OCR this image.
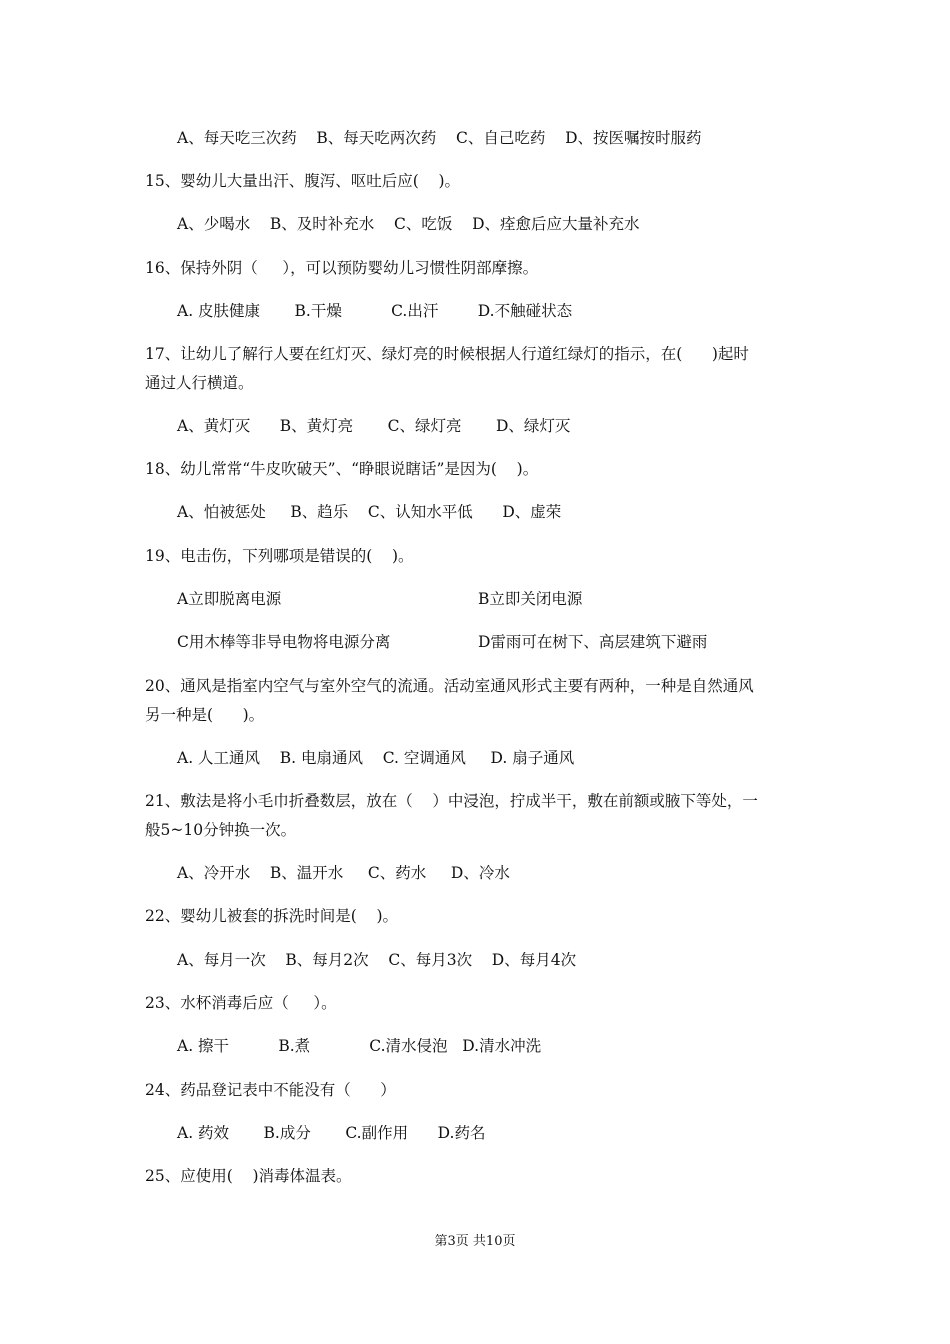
A、每天吃三次药    B、每天吃两次药    C、自己吃药    D、按医嘱按时服药
15、婴幼儿大量出汗、腹泻、呕吐后应(    )。
A、少喝水    B、及时补充水    C、吃饭    D、痊愈后应大量补充水
16、保持外阴（     ），可以预防婴幼儿习惯性阴部摩擦。
A. 皮肤健康       B.干燥          C.出汗        D.不触碰状态
17、让幼儿了解行人要在红灯灭、绿灯亮的时候根据人行道红绿灯的指示，在(      )起时
通过人行横道。
A、黄灯灭      B、黄灯亮       C、绿灯亮       D、绿灯灭
18、幼儿常常“牛皮吹破天”、“睁眼说瞎话”是因为(    )。
A、怕被惩处     B、趋乐    C、认知水平低      D、虚荣
19、电击伤，下列哪项是错误的(    )。
A立即脱离电源	B立即关闭电源
C用木棒等非导电物将电源分离	D雷雨可在树下、高层建筑下避雨
20、通风是指室内空气与室外空气的流通。活动室通风形式主要有两种，一种是自然通风
另一种是(      )。
A. 人工通风    B. 电扇通风    C. 空调通风     D. 扇子通风
21、敷法是将小毛巾折叠数层，放在（    ）中浸泡，拧成半干，敷在前额或腋下等处，一
般5~10分钟换一次。
A、冷开水    B、温开水     C、药水     D、冷水
22、婴幼儿被套的拆洗时间是(    )。
A、每月一次    B、每月2次    C、每月3次    D、每月4次
23、水杯消毒后应（     ）。
A. 擦干          B.煮            C.清水侵泡   D.清水冲洗
24、药品登记表中不能没有（      ）
A. 药效       B.成分       C.副作用      D.药名
25、应使用(    )消毒体温表。
第3页 共10页
